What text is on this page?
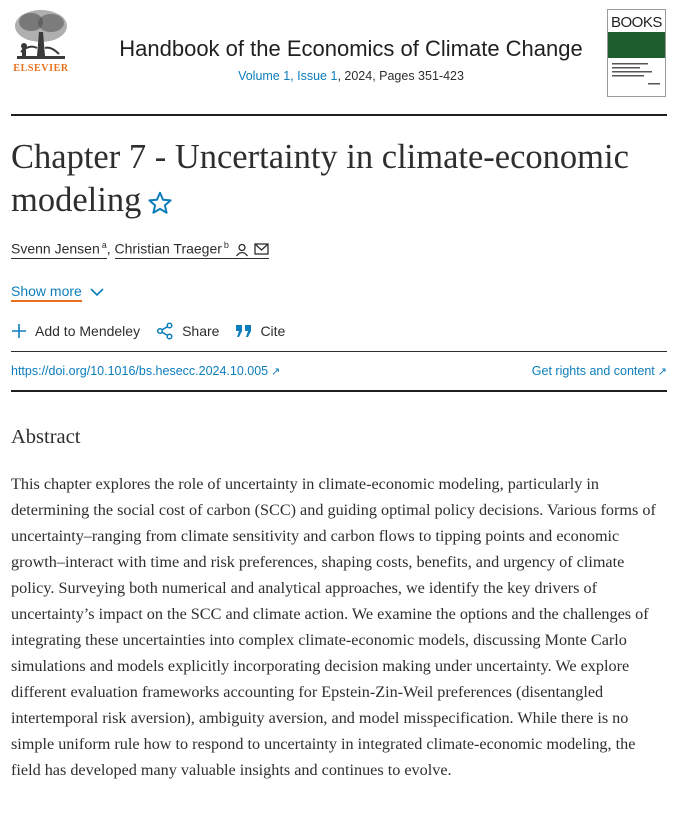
ELSEVIER
Handbook of the Economics of Climate Change
Volume 1, Issue 1, 2024, Pages 351-423
BOOKS
Chapter 7 - Uncertainty in climate-economic modeling
Svenn Jensen $^a$, Christian Traeger $^b$
Show more
Add to Mendeley	Share	Cite
https://doi.org/10.1016/bs.hesecc.2024.10.005 ↗	Get rights and content ↗
Abstract

This chapter explores the role of uncertainty in climate-economic modeling, particularly in determining the social cost of carbon (SCC) and guiding optimal policy decisions. Various forms of uncertainty–ranging from climate sensitivity and carbon flows to tipping points and economic growth–interact with time and risk preferences, shaping costs, benefits, and urgency of climate policy. Surveying both numerical and analytical approaches, we identify the key drivers of uncertainty’s impact on the SCC and climate action. We examine the options and the challenges of integrating these uncertainties into complex climate-economic models, discussing Monte Carlo simulations and models explicitly incorporating decision making under uncertainty. We explore different evaluation frameworks accounting for Epstein-Zin-Weil preferences (disentangled intertemporal risk aversion), ambiguity aversion, and model misspecification. While there is no simple uniform rule how to respond to uncertainty in integrated climate-economic modeling, the field has developed many valuable insights and continues to evolve.
